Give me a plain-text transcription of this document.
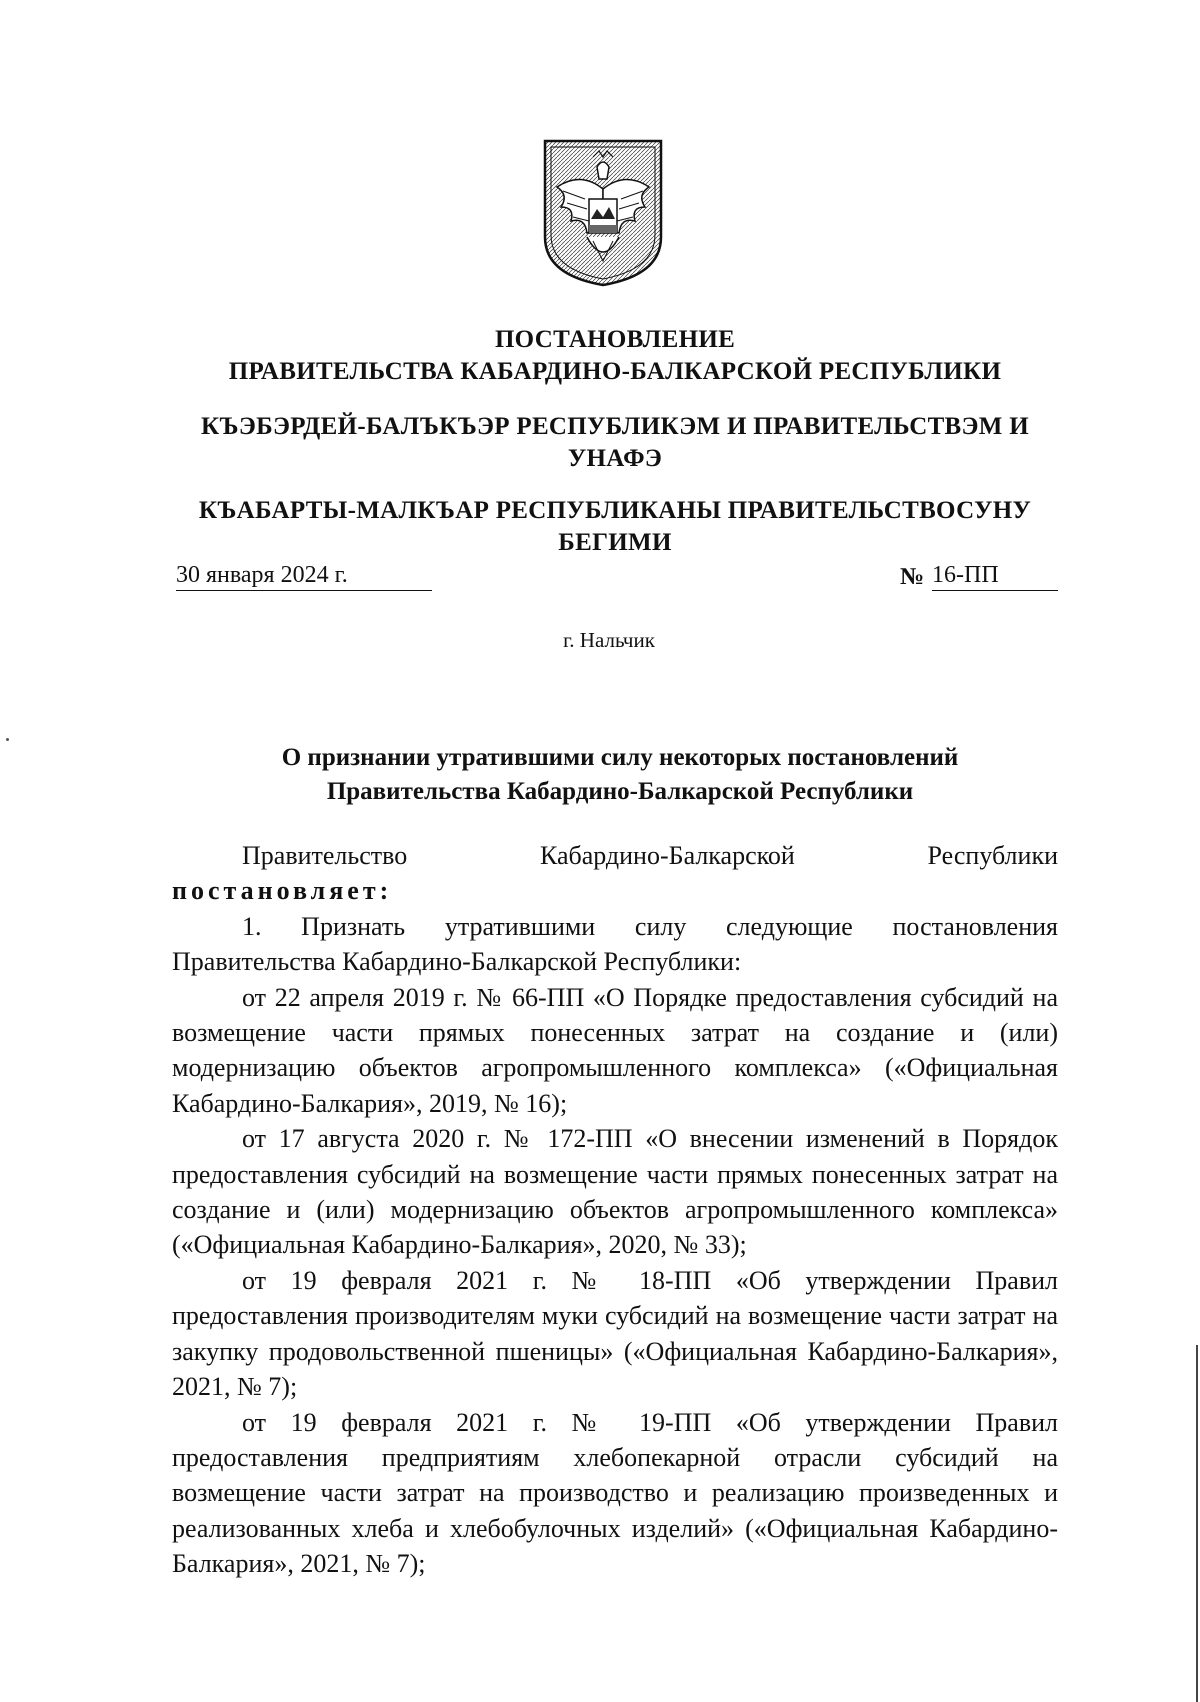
ПОСТАНОВЛЕНИЕ
ПРАВИТЕЛЬСТВА КАБАРДИНО-БАЛКАРСКОЙ РЕСПУБЛИКИ
КЪЭБЭРДЕЙ-БАЛЪКЪЭР РЕСПУБЛИКЭМ И ПРАВИТЕЛЬСТВЭМ И
УНАФЭ
КЪАБАРТЫ-МАЛКЪАР РЕСПУБЛИКАНЫ ПРАВИТЕЛЬСТВОСУНУ
БЕГИМИ
30 января 2024 г.	№ 16-ПП
г. Нальчик
О признании утратившими силу некоторых постановлений
Правительства Кабардино-Балкарской Республики

Правительство Кабардино-Балкарской Республики

постановляет:

1. Признать утратившими силу следующие постановления Правительства Кабардино-Балкарской Республики:

от 22 апреля 2019 г. № 66-ПП «О Порядке предоставления субсидий на возмещение части прямых понесенных затрат на создание и (или) модернизацию объектов агропромышленного комплекса» («Официальная Кабардино-Балкария», 2019, № 16);

от 17 августа 2020 г. № 172-ПП «О внесении изменений в Порядок предоставления субсидий на возмещение части прямых понесенных затрат на создание и (или) модернизацию объектов агропромышленного комплекса» («Официальная Кабардино-Балкария», 2020, № 33);

от 19 февраля 2021 г. № 18-ПП «Об утверждении Правил предоставления производителям муки субсидий на возмещение части затрат на закупку продовольственной пшеницы» («Официальная Кабардино-Балкария», 2021, № 7);

от 19 февраля 2021 г. № 19-ПП «Об утверждении Правил предоставления предприятиям хлебопекарной отрасли субсидий на возмещение части затрат на производство и реализацию произведенных и реализованных хлеба и хлебобулочных изделий» («Официальная Кабардино-Балкария», 2021, № 7);
